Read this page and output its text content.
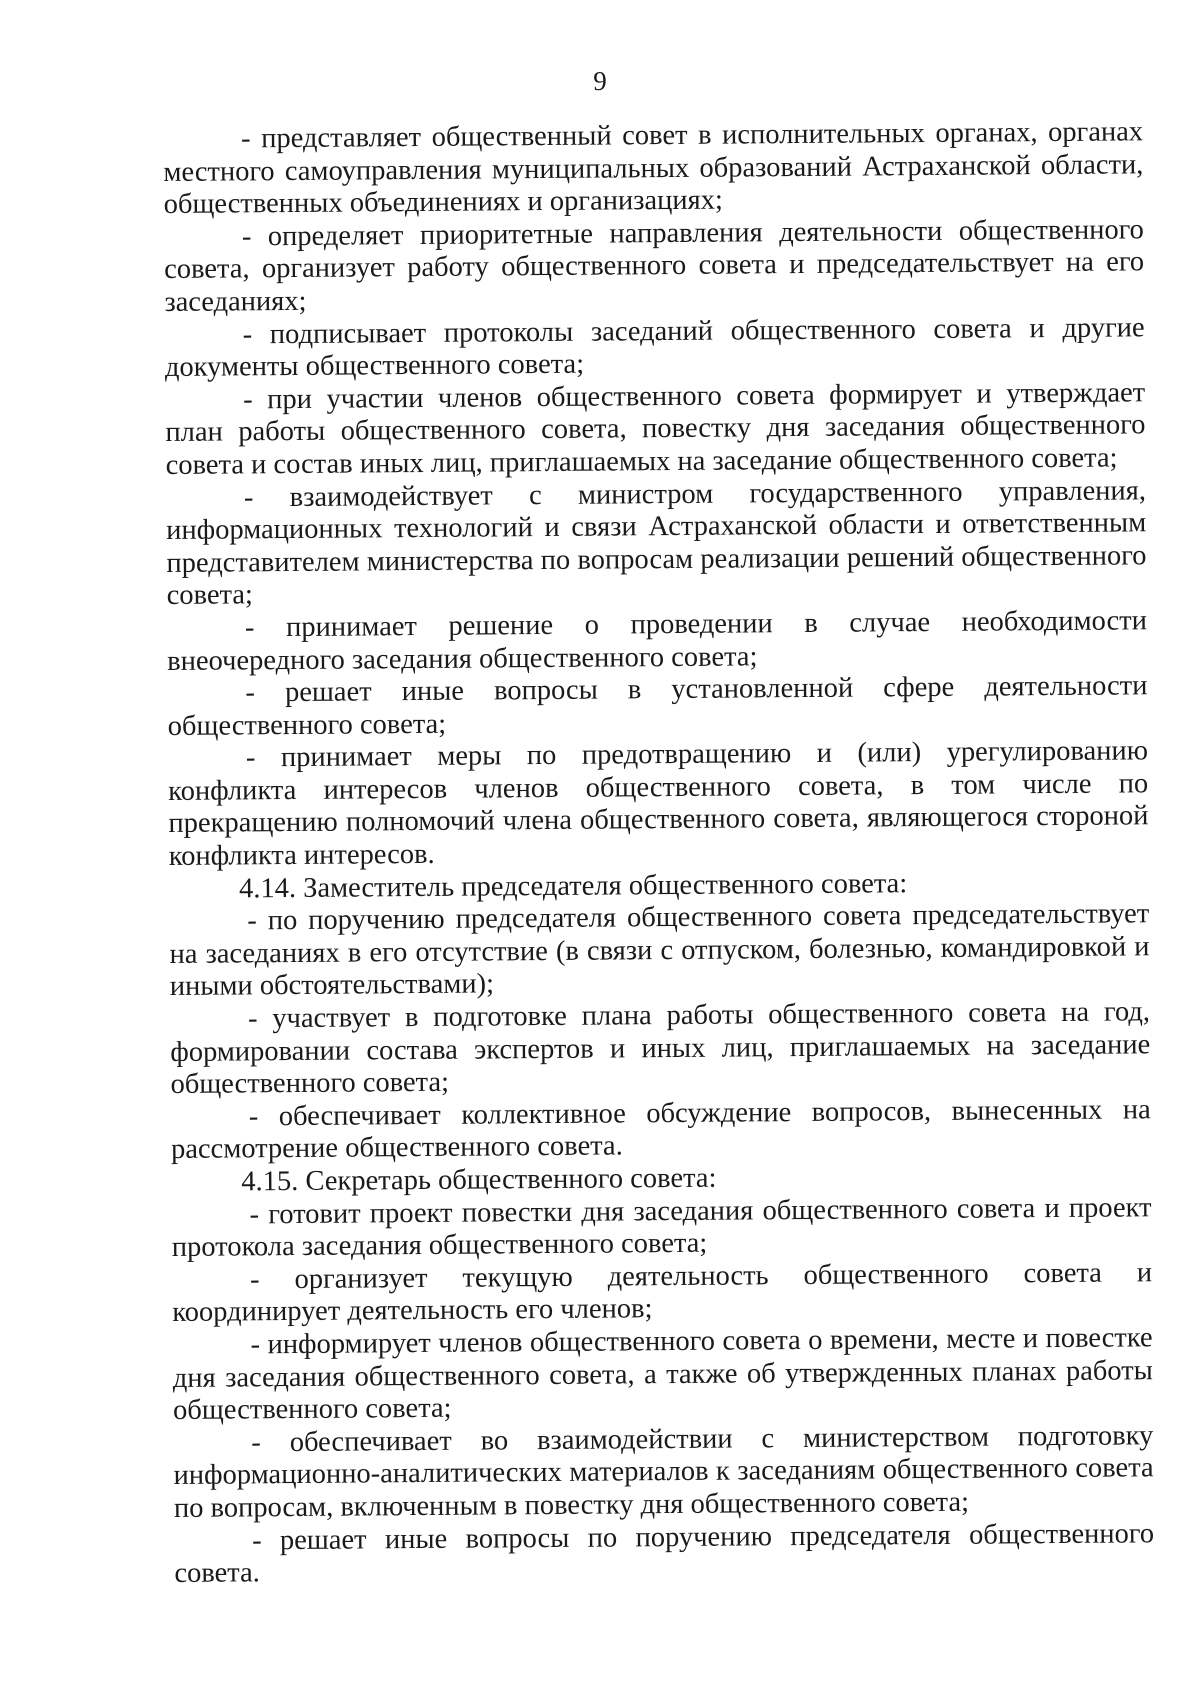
9

- представляет общественный совет в исполнительных органах, органах местного самоуправления муниципальных образований Астраханской области, общественных объединениях и организациях;

- определяет приоритетные направления деятельности общественного совета, организует работу общественного совета и председательствует на его заседаниях;

- подписывает протоколы заседаний общественного совета и другие документы общественного совета;

- при участии членов общественного совета формирует и утверждает план работы общественного совета, повестку дня заседания общественного совета и состав иных лиц, приглашаемых на заседание общественного совета;

- взаимодействует с министром государственного управления, информационных технологий и связи Астраханской области и ответственным представителем министерства по вопросам реализации решений общественного совета;

- принимает решение о проведении в случае необходимости внеочередного заседания общественного совета;

- решает иные вопросы в установленной сфере деятельности общественного совета;

- принимает меры по предотвращению и (или) урегулированию конфликта интересов членов общественного совета, в том числе по прекращению полномочий члена общественного совета, являющегося стороной конфликта интересов.

4.14. Заместитель председателя общественного совета:

- по поручению председателя общественного совета председательствует на заседаниях в его отсутствие (в связи с отпуском, болезнью, командировкой и иными обстоятельствами);

- участвует в подготовке плана работы общественного совета на год, формировании состава экспертов и иных лиц, приглашаемых на заседание общественного совета;

- обеспечивает коллективное обсуждение вопросов, вынесенных на рассмотрение общественного совета.

4.15. Секретарь общественного совета:

- готовит проект повестки дня заседания общественного совета и проект протокола заседания общественного совета;

- организует текущую деятельность общественного совета и координирует деятельность его членов;

- информирует членов общественного совета о времени, месте и повестке дня заседания общественного совета, а также об утвержденных планах работы общественного совета;

- обеспечивает во взаимодействии с министерством подготовку информационно-аналитических материалов к заседаниям общественного совета по вопросам, включенным в повестку дня общественного совета;

- решает иные вопросы по поручению председателя общественного совета.
